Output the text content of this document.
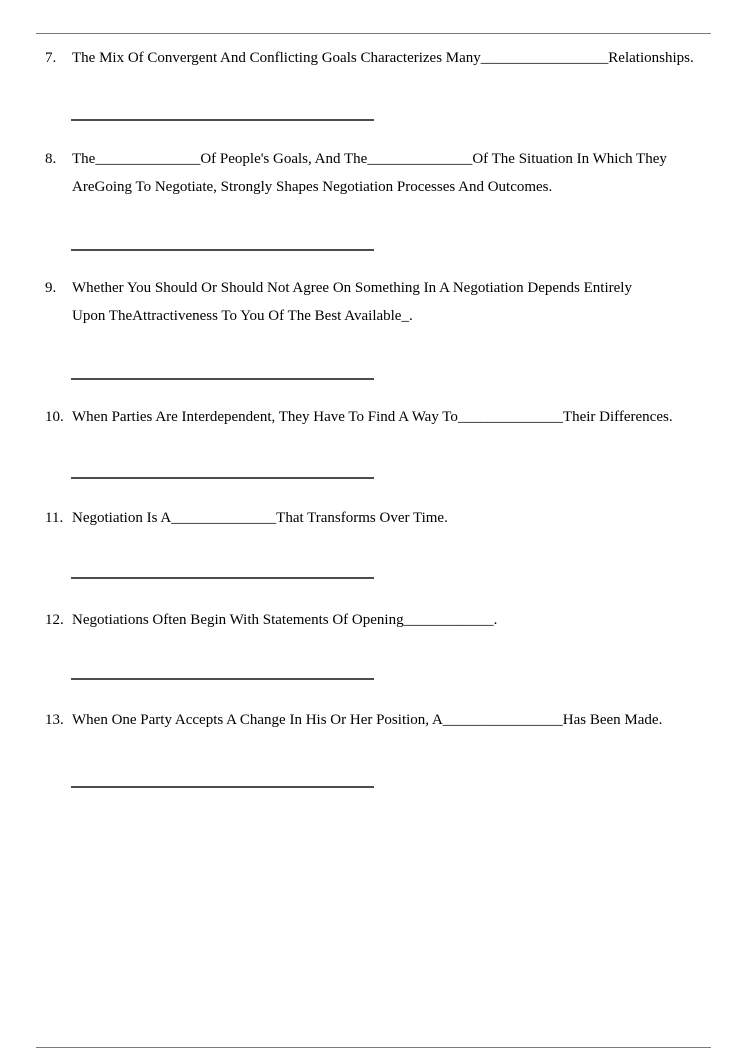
7. The Mix Of Convergent And Conflicting Goals Characterizes Many_________________Relationships.
8. The______________Of People's Goals, And The______________Of The Situation In Which They
AreGoing To Negotiate, Strongly Shapes Negotiation Processes And Outcomes.
9. Whether You Should Or Should Not Agree On Something In A Negotiation Depends Entirely
Upon TheAttractiveness To You Of The Best Available_.
10. When Parties Are Interdependent, They Have To Find A Way To______________Their Differences.
11. Negotiation Is A______________That Transforms Over Time.
12. Negotiations Often Begin With Statements Of Opening____________.
13. When One Party Accepts A Change In His Or Her Position, A________________Has Been Made.
